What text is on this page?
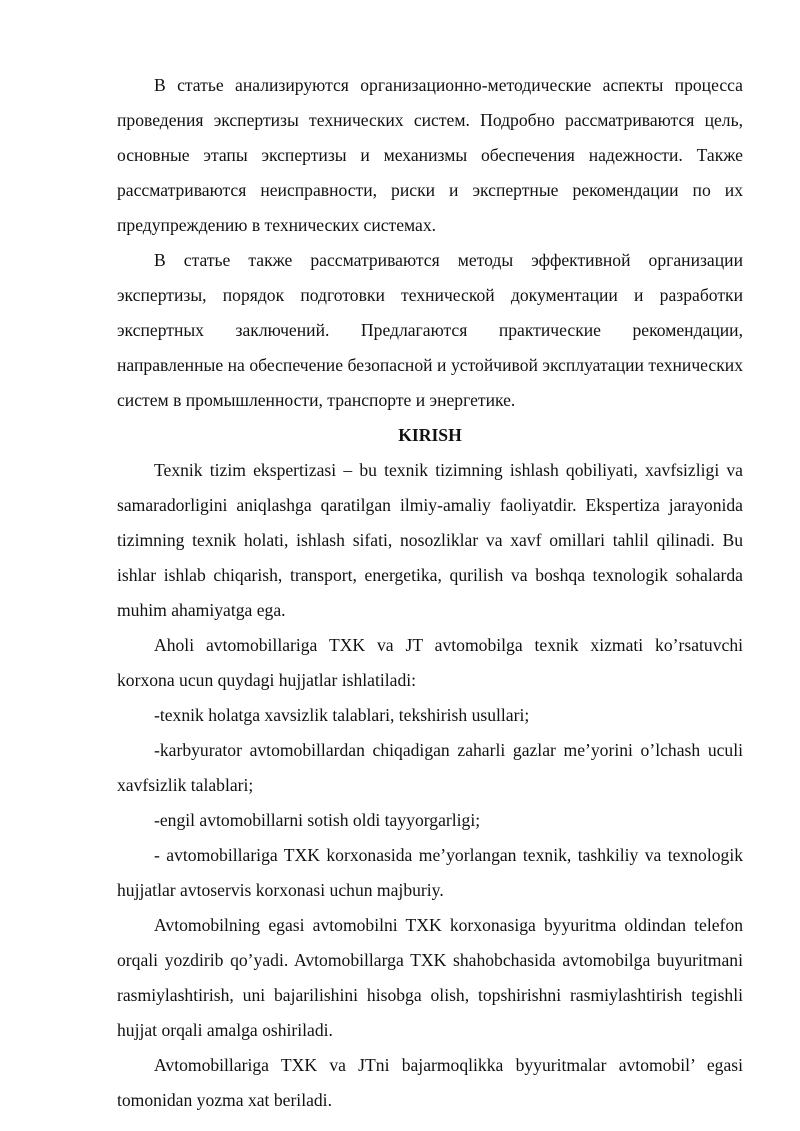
В статье анализируются организационно-методические аспекты процесса проведения экспертизы технических систем. Подробно рассматриваются цель, основные этапы экспертизы и механизмы обеспечения надежности. Также рассматриваются неисправности, риски и экспертные рекомендации по их предупреждению в технических системах.

В статье также рассматриваются методы эффективной организации экспертизы, порядок подготовки технической документации и разработки экспертных заключений. Предлагаются практические рекомендации, направленные на обеспечение безопасной и устойчивой эксплуатации технических систем в промышленности, транспорте и энергетике.

KIRISH

Texnik tizim ekspertizasi – bu texnik tizimning ishlash qobiliyati, xavfsizligi va samaradorligini aniqlashga qaratilgan ilmiy-amaliy faoliyatdir. Ekspertiza jarayonida tizimning texnik holati, ishlash sifati, nosozliklar va xavf omillari tahlil qilinadi. Bu ishlar ishlab chiqarish, transport, energetika, qurilish va boshqa texnologik sohalarda muhim ahamiyatga ega.

Aholi avtomobillariga TXK va JT avtomobilga texnik xizmati ko’rsatuvchi korxona ucun quydagi hujjatlar ishlatiladi:

-texnik holatga xavsizlik talablari, tekshirish usullari;

-karbyurator avtomobillardan chiqadigan zaharli gazlar me’yorini o’lchash uculi xavfsizlik talablari;

-engil avtomobillarni sotish oldi tayyorgarligi;

- avtomobillariga TXK korxonasida me’yorlangan texnik, tashkiliy va texnologik hujjatlar avtoservis korxonasi uchun majburiy.

Avtomobilning egasi avtomobilni TXK korxonasiga byyuritma oldindan telefon orqali yozdirib qo’yadi. Avtomobillarga TXK shahobchasida avtomobilga buyuritmani rasmiylashtirish, uni bajarilishini hisobga olish, topshirishni rasmiylashtirish tegishli hujjat orqali amalga oshiriladi.

Avtomobillariga TXK va JTni bajarmoqlikka byyuritmalar avtomobil’ egasi tomonidan yozma xat beriladi.
